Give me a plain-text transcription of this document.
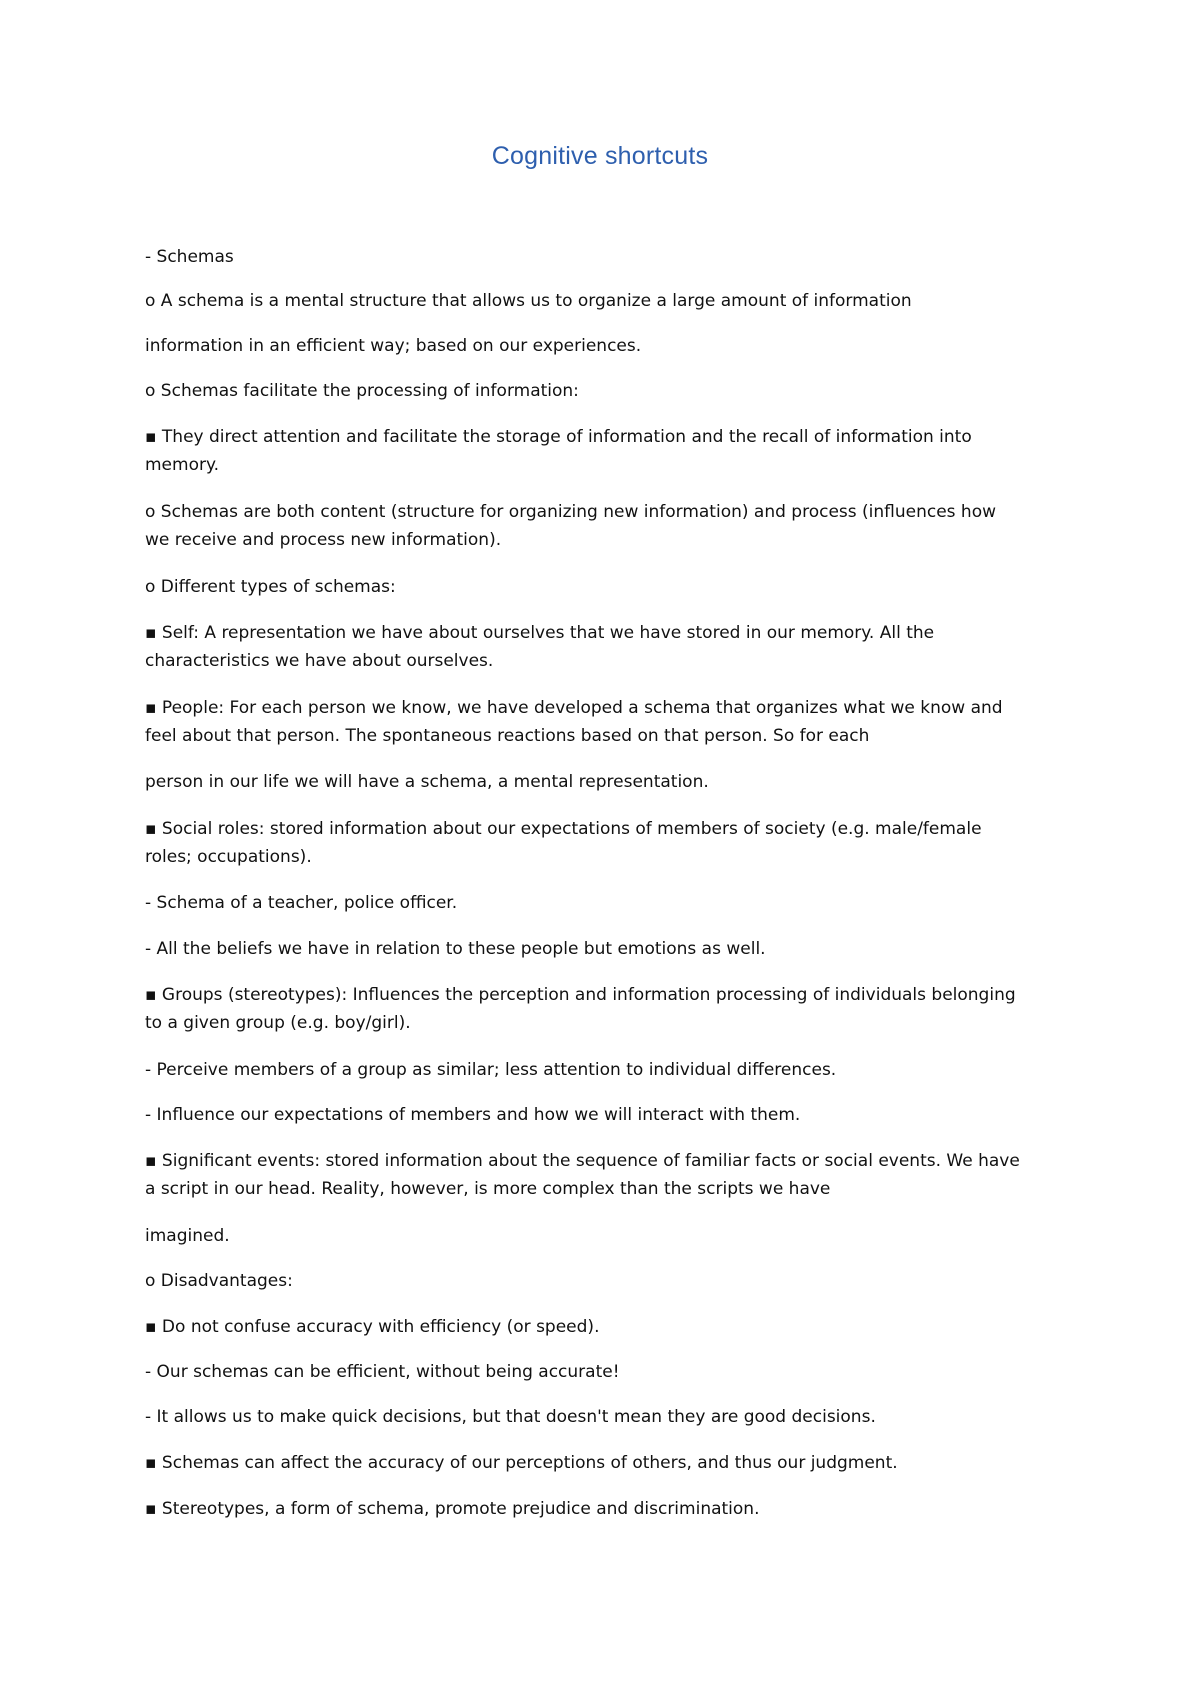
Cognitive shortcuts
- Schemas
o A schema is a mental structure that allows us to organize a large amount of information
information in an efficient way; based on our experiences.
o Schemas facilitate the processing of information:
▪ They direct attention and facilitate the storage of information and the recall of information into
memory.
o Schemas are both content (structure for organizing new information) and process (influences how
we receive and process new information).
o Different types of schemas:
▪ Self: A representation we have about ourselves that we have stored in our memory. All the
characteristics we have about ourselves.
▪ People: For each person we know, we have developed a schema that organizes what we know and
feel about that person. The spontaneous reactions based on that person. So for each
person in our life we will have a schema, a mental representation.
▪ Social roles: stored information about our expectations of members of society (e.g. male/female
roles; occupations).
- Schema of a teacher, police officer.
- All the beliefs we have in relation to these people but emotions as well.
▪ Groups (stereotypes): Influences the perception and information processing of individuals belonging
to a given group (e.g. boy/girl).
- Perceive members of a group as similar; less attention to individual differences.
- Influence our expectations of members and how we will interact with them.
▪ Significant events: stored information about the sequence of familiar facts or social events. We have
a script in our head. Reality, however, is more complex than the scripts we have
imagined.
o Disadvantages:
▪ Do not confuse accuracy with efficiency (or speed).
- Our schemas can be efficient, without being accurate!
- It allows us to make quick decisions, but that doesn't mean they are good decisions.
▪ Schemas can affect the accuracy of our perceptions of others, and thus our judgment.
▪ Stereotypes, a form of schema, promote prejudice and discrimination.
